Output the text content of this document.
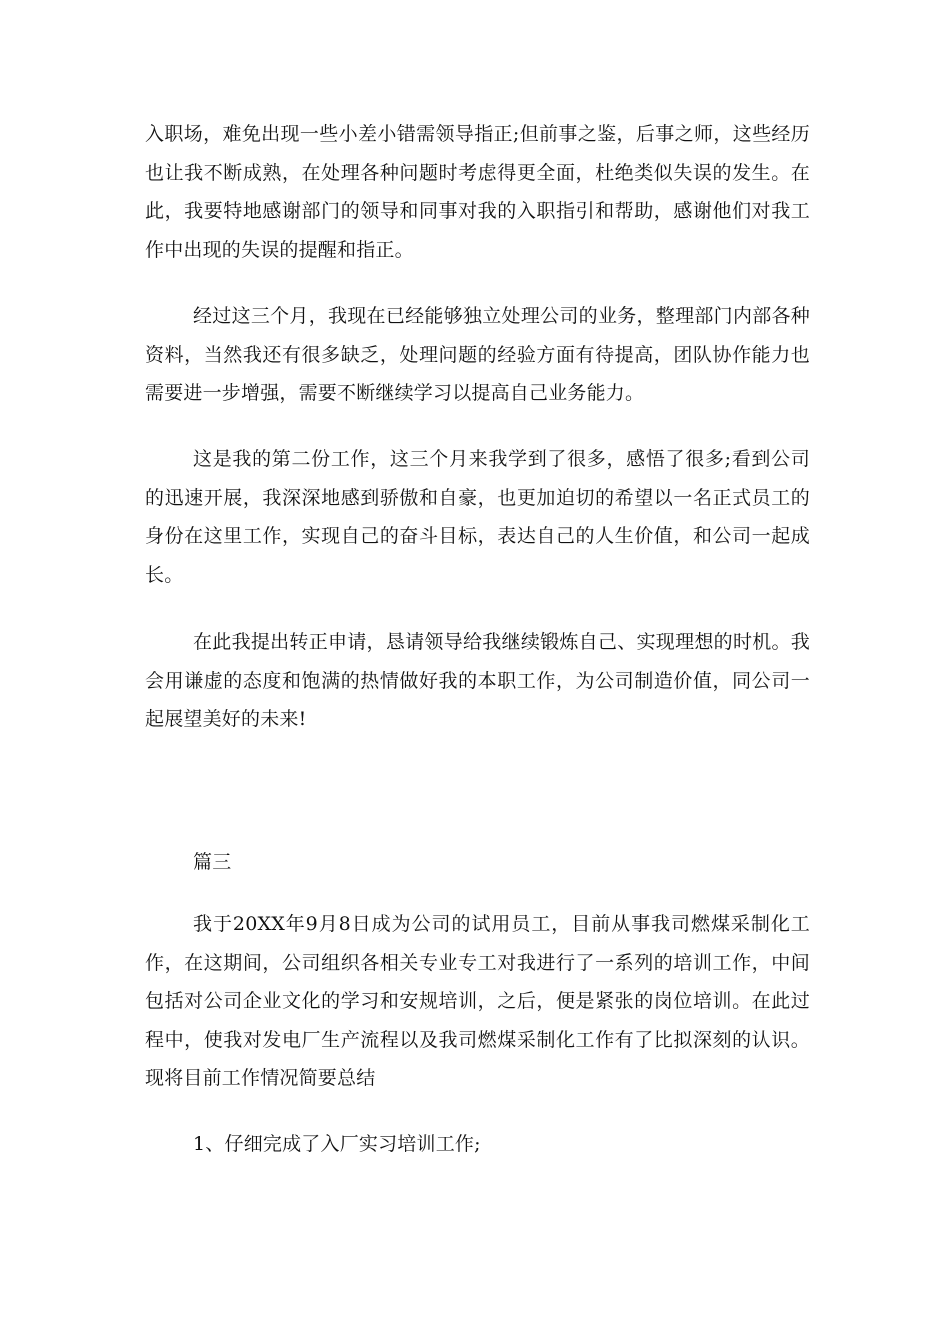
入职场，难免出现一些小差小错需领导指正;但前事之鉴，后事之师，这些经历也让我不断成熟，在处理各种问题时考虑得更全面，杜绝类似失误的发生。在此，我要特地感谢部门的领导和同事对我的入职指引和帮助，感谢他们对我工作中出现的失误的提醒和指正。

经过这三个月，我现在已经能够独立处理公司的业务，整理部门内部各种资料，当然我还有很多缺乏，处理问题的经验方面有待提高，团队协作能力也需要进一步增强，需要不断继续学习以提高自己业务能力。

这是我的第二份工作，这三个月来我学到了很多，感悟了很多;看到公司的迅速开展，我深深地感到骄傲和自豪，也更加迫切的希望以一名正式员工的身份在这里工作，实现自己的奋斗目标，表达自己的人生价值，和公司一起成长。

在此我提出转正申请，恳请领导给我继续锻炼自己、实现理想的时机。我会用谦虚的态度和饱满的热情做好我的本职工作，为公司制造价值，同公司一起展望美好的未来!

篇三

我于20XX年9月8日成为公司的试用员工，目前从事我司燃煤采制化工作，在这期间，公司组织各相关专业专工对我进行了一系列的培训工作，中间包括对公司企业文化的学习和安规培训，之后，便是紧张的岗位培训。在此过程中，使我对发电厂生产流程以及我司燃煤采制化工作有了比拟深刻的认识。现将目前工作情况简要总结

1、仔细完成了入厂实习培训工作;
